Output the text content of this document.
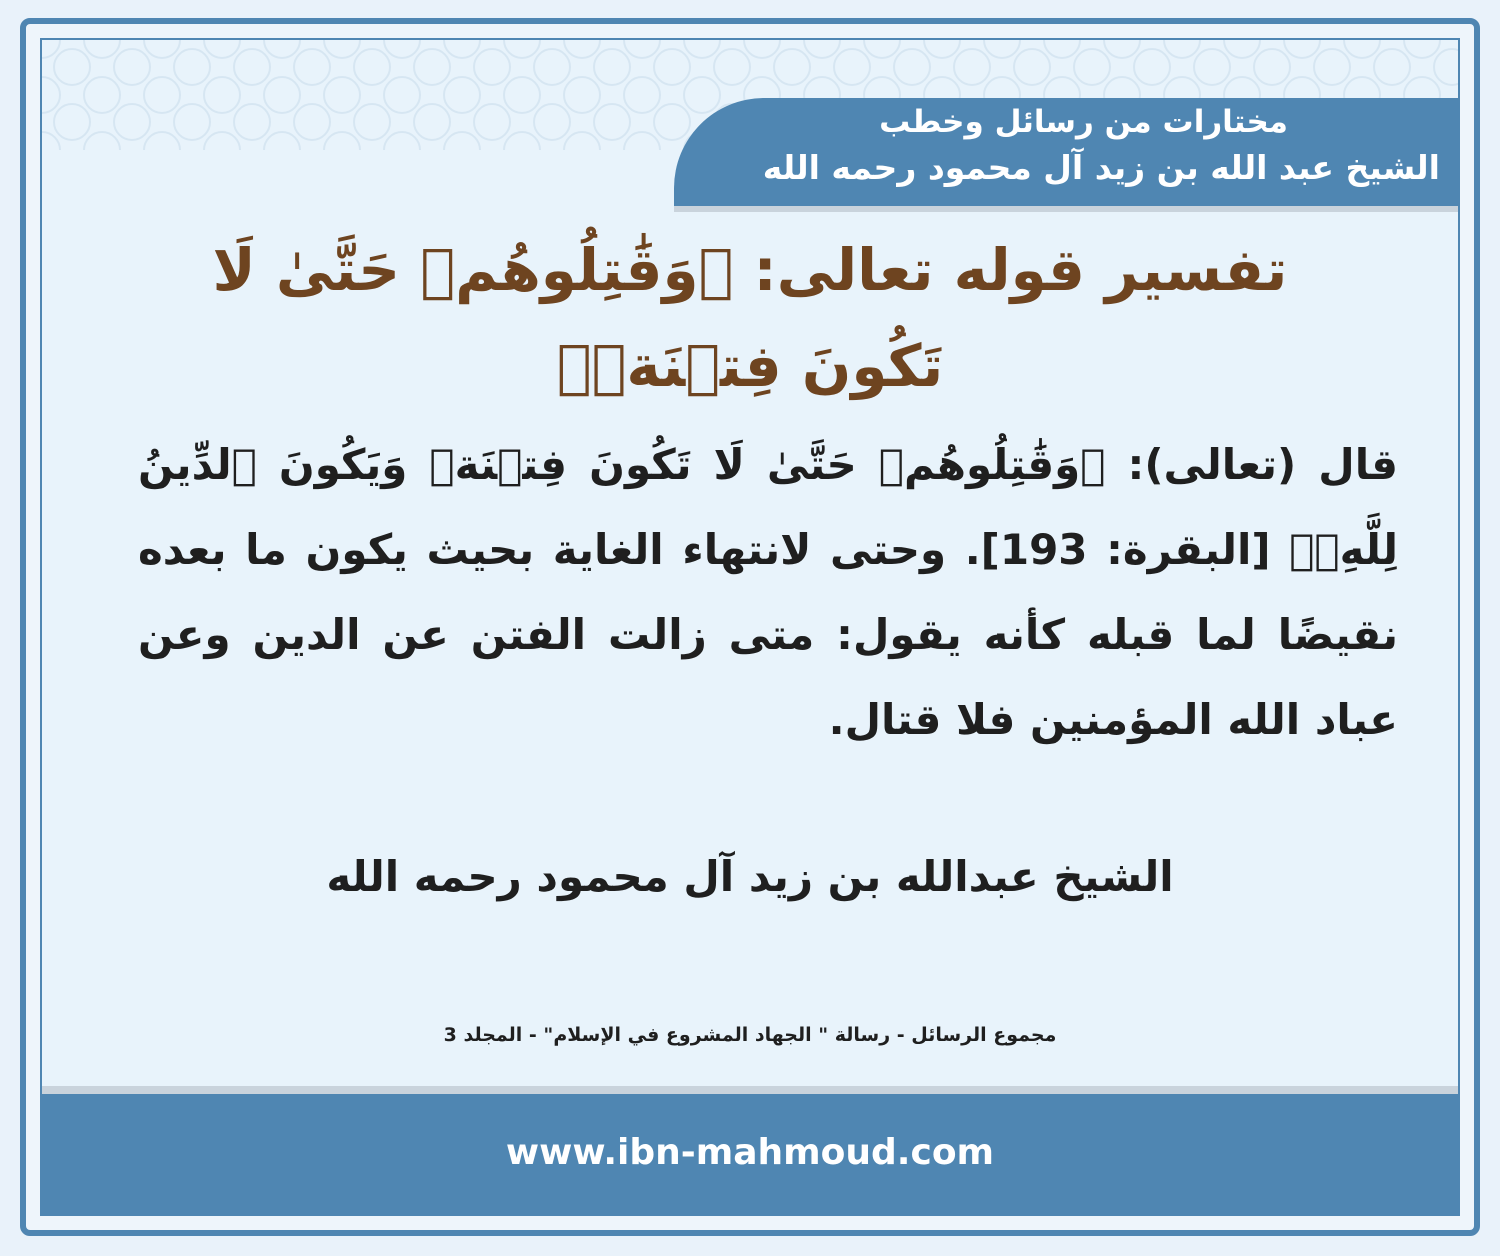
مختارات من رسائل وخطب
الشيخ عبد الله بن زيد آل محمود رحمه الله
تفسير قوله تعالى: ﴿وَقَٰتِلُوهُمۡ حَتَّىٰ لَا تَكُونَ فِتۡنَةٞ﴾
قال (تعالى): ﴿وَقَٰتِلُوهُمۡ حَتَّىٰ لَا تَكُونَ فِتۡنَةٞ وَيَكُونَ ٱلدِّينُ لِلَّهِۖ﴾ [البقرة: 193]. وحتى لانتهاء الغاية بحيث يكون ما بعده نقيضًا لما قبله كأنه يقول: متى زالت الفتن عن الدين وعن عباد الله المؤمنين فلا قتال.
الشيخ عبدالله بن زيد آل محمود رحمه الله
مجموع الرسائل - رسالة " الجهاد المشروع في الإسلام" - المجلد 3
www.ibn-mahmoud.com
